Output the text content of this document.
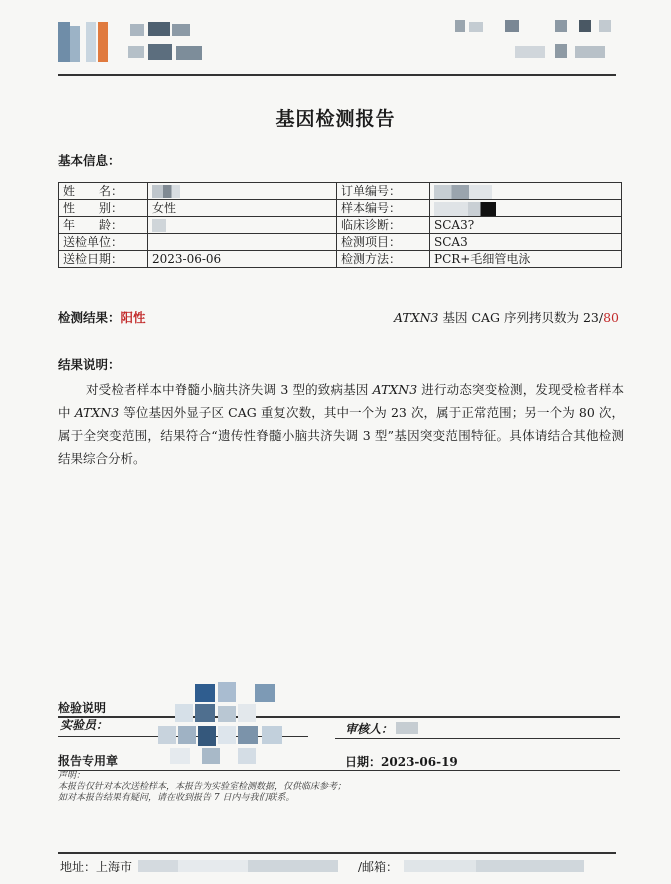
基因检测报告
基本信息：
姓　　名：		订单编号：	
性　　别：	女性	样本编号：	
年　　龄：		临床诊断：	SCA3?
送检单位：		检测项目：	SCA3
送检日期：	2023-06-06	检测方法：	PCR+毛细管电泳
检测结果：阳性	ATXN3 基因 CAG 序列拷贝数为 23/80
结果说明：
对受检者样本中脊髓小脑共济失调 3 型的致病基因 ATXN3 进行动态突变检测，发现受检者样本中 ATXN3 等位基因外显子区 CAG 重复次数，其中一个为 23 次，属于正常范围；另一个为 80 次，属于全突变范围，结果符合“遗传性脊髓小脑共济失调 3 型”基因突变范围特征。具体请结合其他检测结果综合分析。
检验说明
实验员：	审核人：
报告专用章	日期：2023-06-19
声明：
本报告仅针对本次送检样本，本报告为实验室检测数据，仅供临床参考；
如对本报告结果有疑问，请在收到报告 7 日内与我们联系。
地址：上海市	/邮箱：
